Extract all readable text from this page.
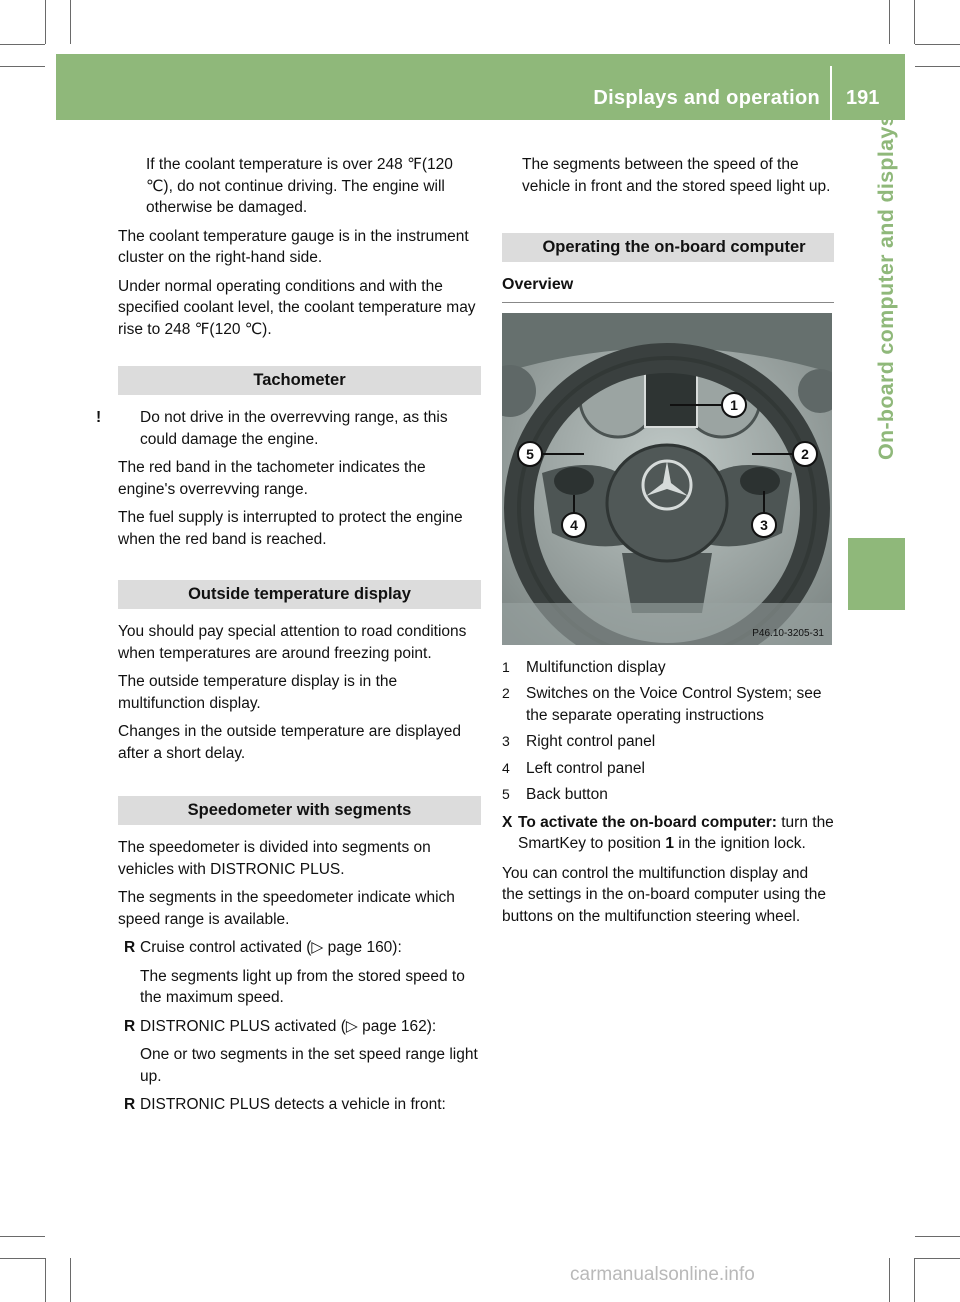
Displays and operation 191
On-board computer and displays

If the coolant temperature is over 248 ℉(120 ℃), do not continue driving. The engine will otherwise be damaged.

The coolant temperature gauge is in the instrument cluster on the right-hand side.

Under normal operating conditions and with the specified coolant level, the coolant temperature may rise to 248 ℉(120 ℃).

Tachometer

!	Do not drive in the overrevving range, as this could damage the engine.

The red band in the tachometer indicates the engine's overrevving range.

The fuel supply is interrupted to protect the engine when the red band is reached.

Outside temperature display

You should pay special attention to road conditions when temperatures are around freezing point.

The outside temperature display is in the multifunction display.

Changes in the outside temperature are displayed after a short delay.

Speedometer with segments

The speedometer is divided into segments on vehicles with DISTRONIC PLUS.

The segments in the speedometer indicate which speed range is available.

R Cruise control activated (▷ page 160):

The segments light up from the stored speed to the maximum speed.

R DISTRONIC PLUS activated (▷ page 162):

One or two segments in the set speed range light up.

R DISTRONIC PLUS detects a vehicle in front:

The segments between the speed of the vehicle in front and the stored speed light up.

Operating the on-board computer
Overview
1
2
3
4
5
P46.10-3205-31
1 Multifunction display
2 Switches on the Voice Control System; see the separate operating instructions
3 Right control panel
4 Left control panel
5 Back button

X To activate the on-board computer: turn the SmartKey to position 1 in the ignition lock.

You can control the multifunction display and the settings in the on-board computer using the buttons on the multifunction steering wheel.

carmanualsonline.info
